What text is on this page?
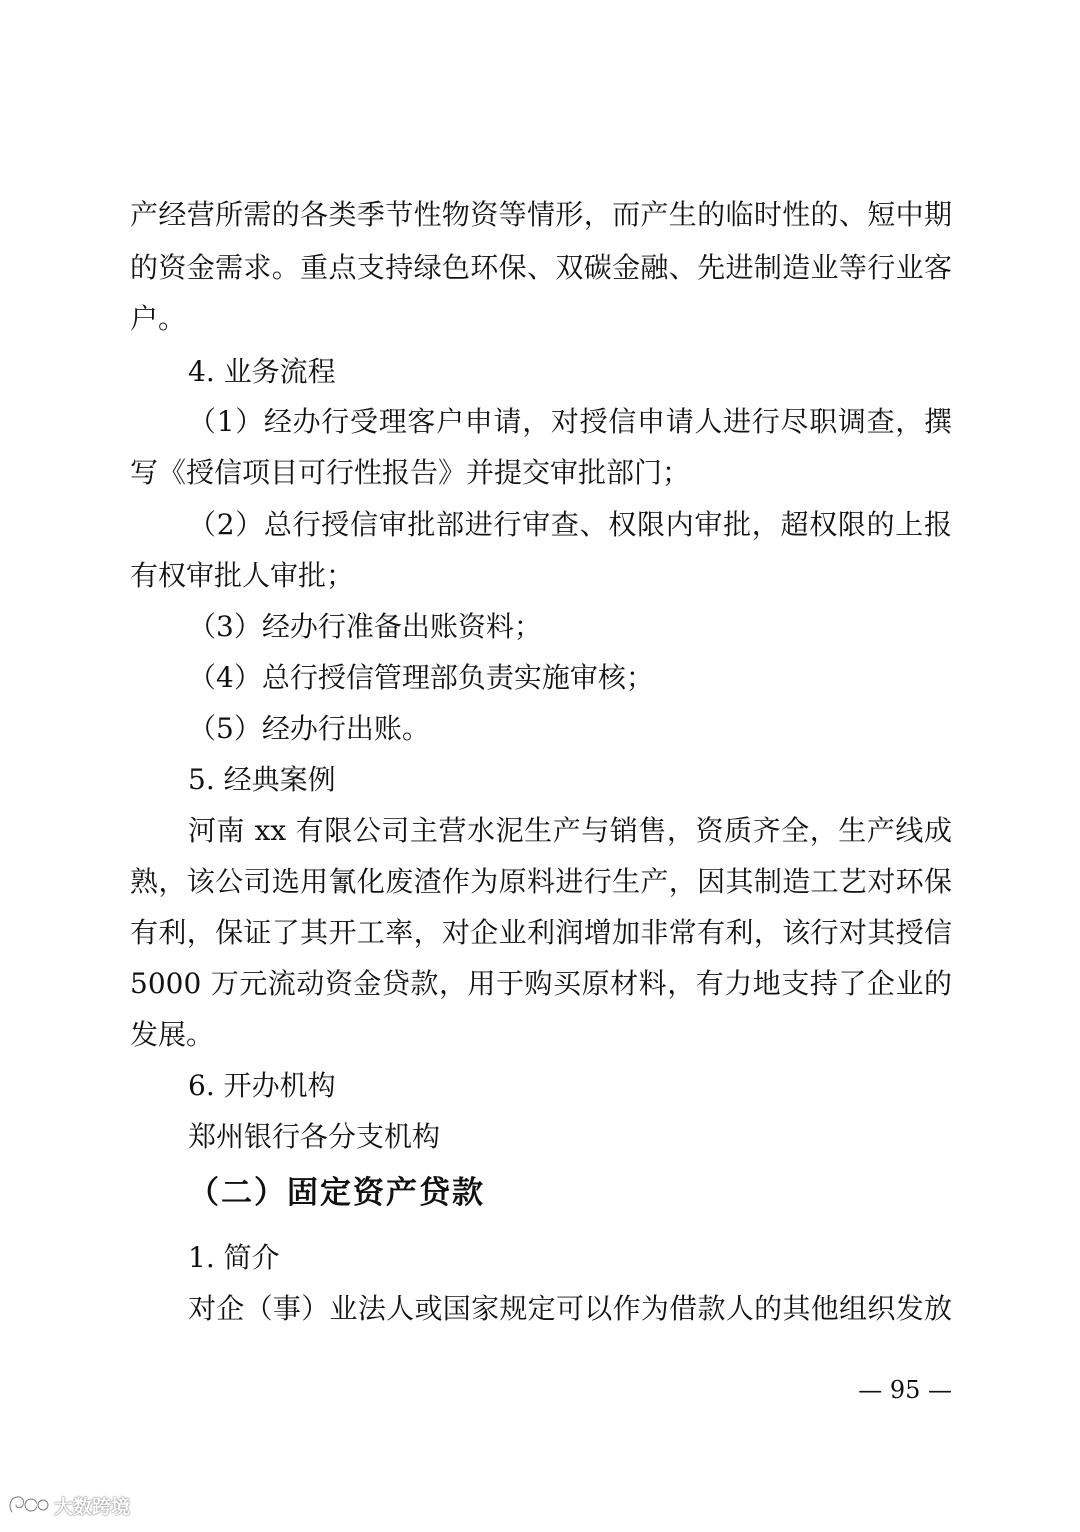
产经营所需的各类季节性物资等情形，而产生的临时性的、短中期
的资金需求。重点支持绿色环保、双碳金融、先进制造业等行业客
户。
4. 业务流程
（1）经办行受理客户申请，对授信申请人进行尽职调查，撰
写《授信项目可行性报告》并提交审批部门；
（2）总行授信审批部进行审查、权限内审批，超权限的上报
有权审批人审批；
（3）经办行准备出账资料；
（4）总行授信管理部负责实施审核；
（5）经办行出账。
5. 经典案例
河南 xx 有限公司主营水泥生产与销售，资质齐全，生产线成
熟，该公司选用氰化废渣作为原料进行生产，因其制造工艺对环保
有利，保证了其开工率，对企业利润增加非常有利，该行对其授信
5000 万元流动资金贷款，用于购买原材料，有力地支持了企业的
发展。
6. 开办机构
郑州银行各分支机构
（二）固定资产贷款
1. 简介
对企（事）业法人或国家规定可以作为借款人的其他组织发放
— 95 —
大数跨境
